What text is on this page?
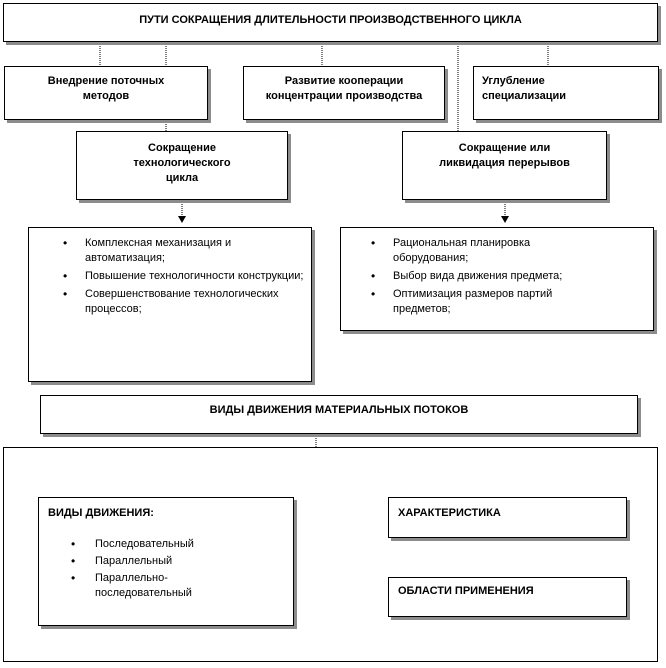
ПУТИ СОКРАЩЕНИЯ ДЛИТЕЛЬНОСТИ ПРОИЗВОДСТВЕННОГО ЦИКЛА
Внедрение поточных методов
Развитие кооперации концентрации производства
Углубление специализации
Сокращение технологического цикла
Сокращение или ликвидация перерывов
• Комплексная механизация и автоматизация;
• Повышение технологичности конструкции;
• Совершенствование технологических процессов;
• Рациональная планировка оборудования;
• Выбор вида движения предмета;
• Оптимизация размеров партий предметов;
ВИДЫ ДВИЖЕНИЯ МАТЕРИАЛЬНЫХ ПОТОКОВ
ВИДЫ ДВИЖЕНИЯ:
• Последовательный
• Параллельный
• Параллельно-последовательный
ХАРАКТЕРИСТИКА
ОБЛАСТИ ПРИМЕНЕНИЯ
